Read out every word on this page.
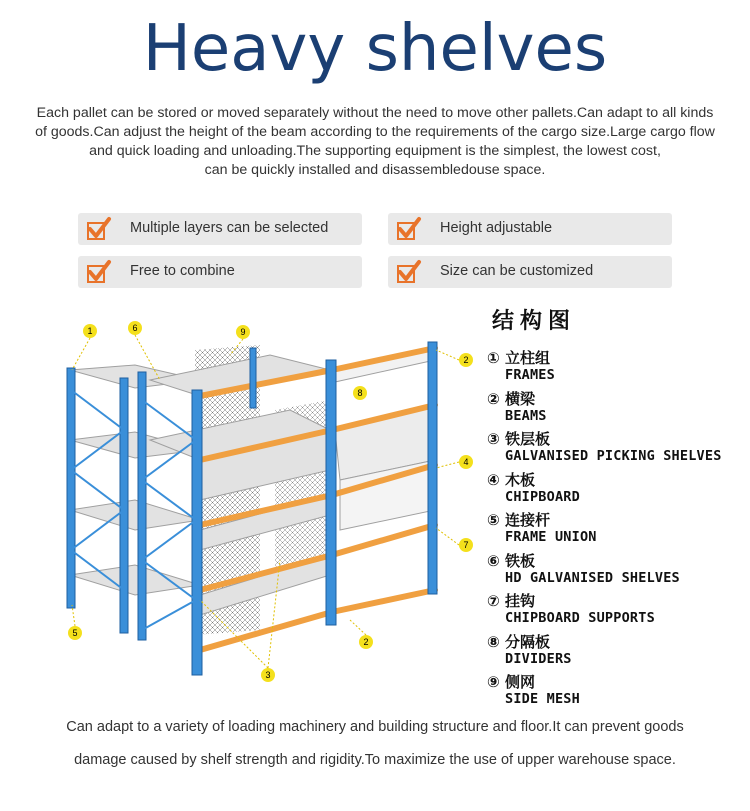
Heavy shelves
Each pallet can be stored or moved separately without the need to move other pallets.Can adapt to all kinds
of goods.Can adjust the height of the beam according to the requirements of the cargo size.Large cargo flow
and quick loading and unloading.The supporting equipment is the simplest, the lowest cost,
can be quickly installed and disassembledouse space.
Multiple layers can be selected	Height adjustable
Free to combine	Size can be customized
1	6	9
2
8
4
7
5
2
3
结构图
① 立柱组
FRAMES
② 横梁
BEAMS
③ 铁层板
GALVANISED PICKING SHELVES
④ 木板
CHIPBOARD
⑤ 连接杆
FRAME UNION
⑥ 铁板
HD GALVANISED SHELVES
⑦ 挂钩
CHIPBOARD SUPPORTS
⑧ 分隔板
DIVIDERS
⑨ 侧网
SIDE MESH
Can adapt to a variety of loading machinery and building structure and floor.It can prevent goods
damage caused by shelf strength and rigidity.To maximize the use of upper warehouse space.
